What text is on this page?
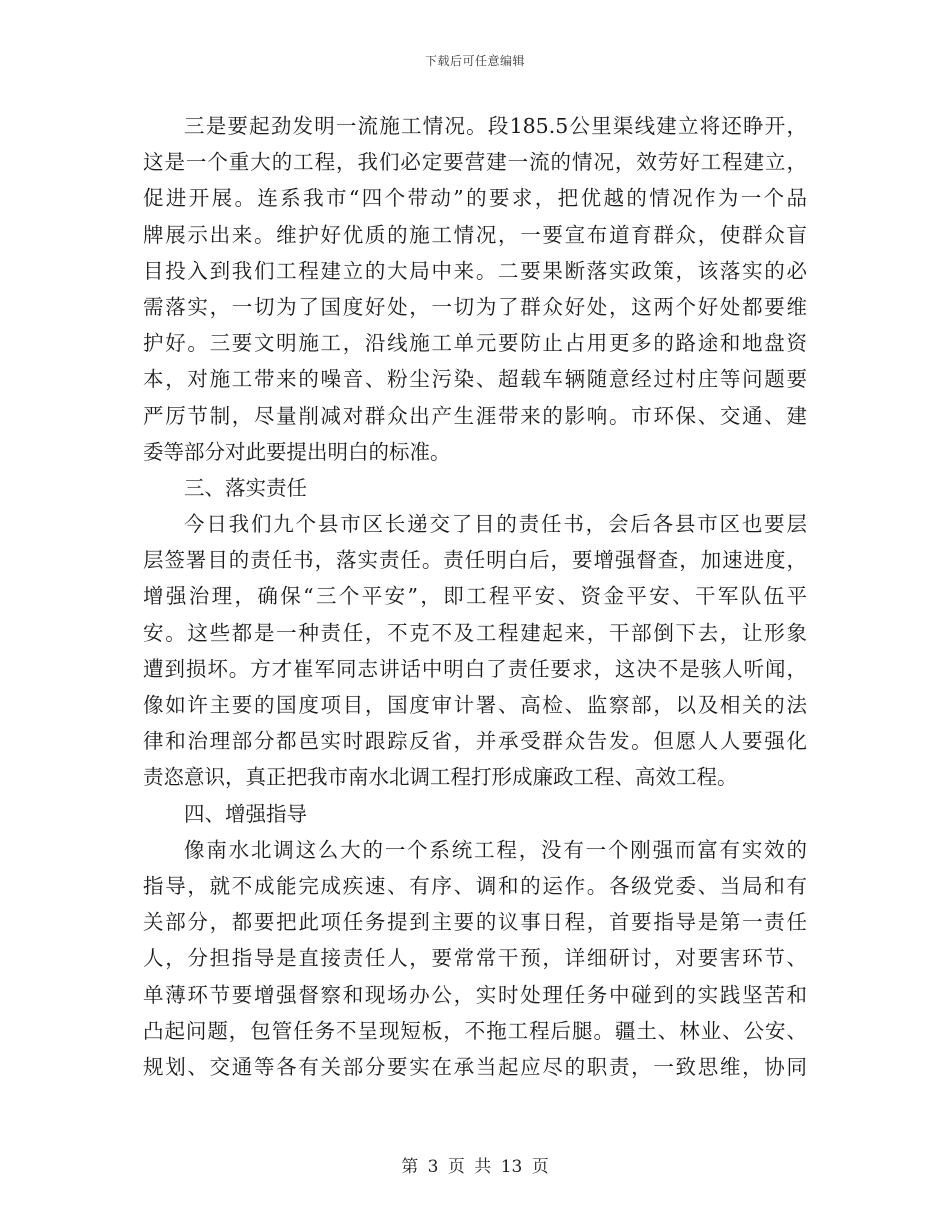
下载后可任意编辑
三是要起劲发明一流施工情况。段185.5公里渠线建立将还睁开，
这是一个重大的工程，我们必定要营建一流的情况，效劳好工程建立，
促进开展。连系我市“四个带动”的要求，把优越的情况作为一个品
牌展示出来。维护好优质的施工情况，一要宣布道育群众，使群众盲
目投入到我们工程建立的大局中来。二要果断落实政策，该落实的必
需落实，一切为了国度好处，一切为了群众好处，这两个好处都要维
护好。三要文明施工，沿线施工单元要防止占用更多的路途和地盘资
本，对施工带来的噪音、粉尘污染、超载车辆随意经过村庄等问题要
严厉节制，尽量削减对群众出产生涯带来的影响。市环保、交通、建
委等部分对此要提出明白的标准。
三、落实责任
今日我们九个县市区长递交了目的责任书，会后各县市区也要层
层签署目的责任书，落实责任。责任明白后，要增强督查，加速进度，
增强治理，确保“三个平安”，即工程平安、资金平安、干军队伍平
安。这些都是一种责任，不克不及工程建起来，干部倒下去，让形象
遭到损坏。方才崔军同志讲话中明白了责任要求，这决不是骇人听闻，
像如许主要的国度项目，国度审计署、高检、监察部，以及相关的法
律和治理部分都邑实时跟踪反省，并承受群众告发。但愿人人要强化
责恣意识，真正把我市南水北调工程打形成廉政工程、高效工程。
四、增强指导
像南水北调这么大的一个系统工程，没有一个刚强而富有实效的
指导，就不成能完成疾速、有序、调和的运作。各级党委、当局和有
关部分，都要把此项任务提到主要的议事日程，首要指导是第一责任
人，分担指导是直接责任人，要常常干预，详细研讨，对要害环节、
单薄环节要增强督察和现场办公，实时处理任务中碰到的实践坚苦和
凸起问题，包管任务不呈现短板，不拖工程后腿。疆土、林业、公安、
规划、交通等各有关部分要实在承当起应尽的职责，一致思维，协同
第 3 页 共 13 页
